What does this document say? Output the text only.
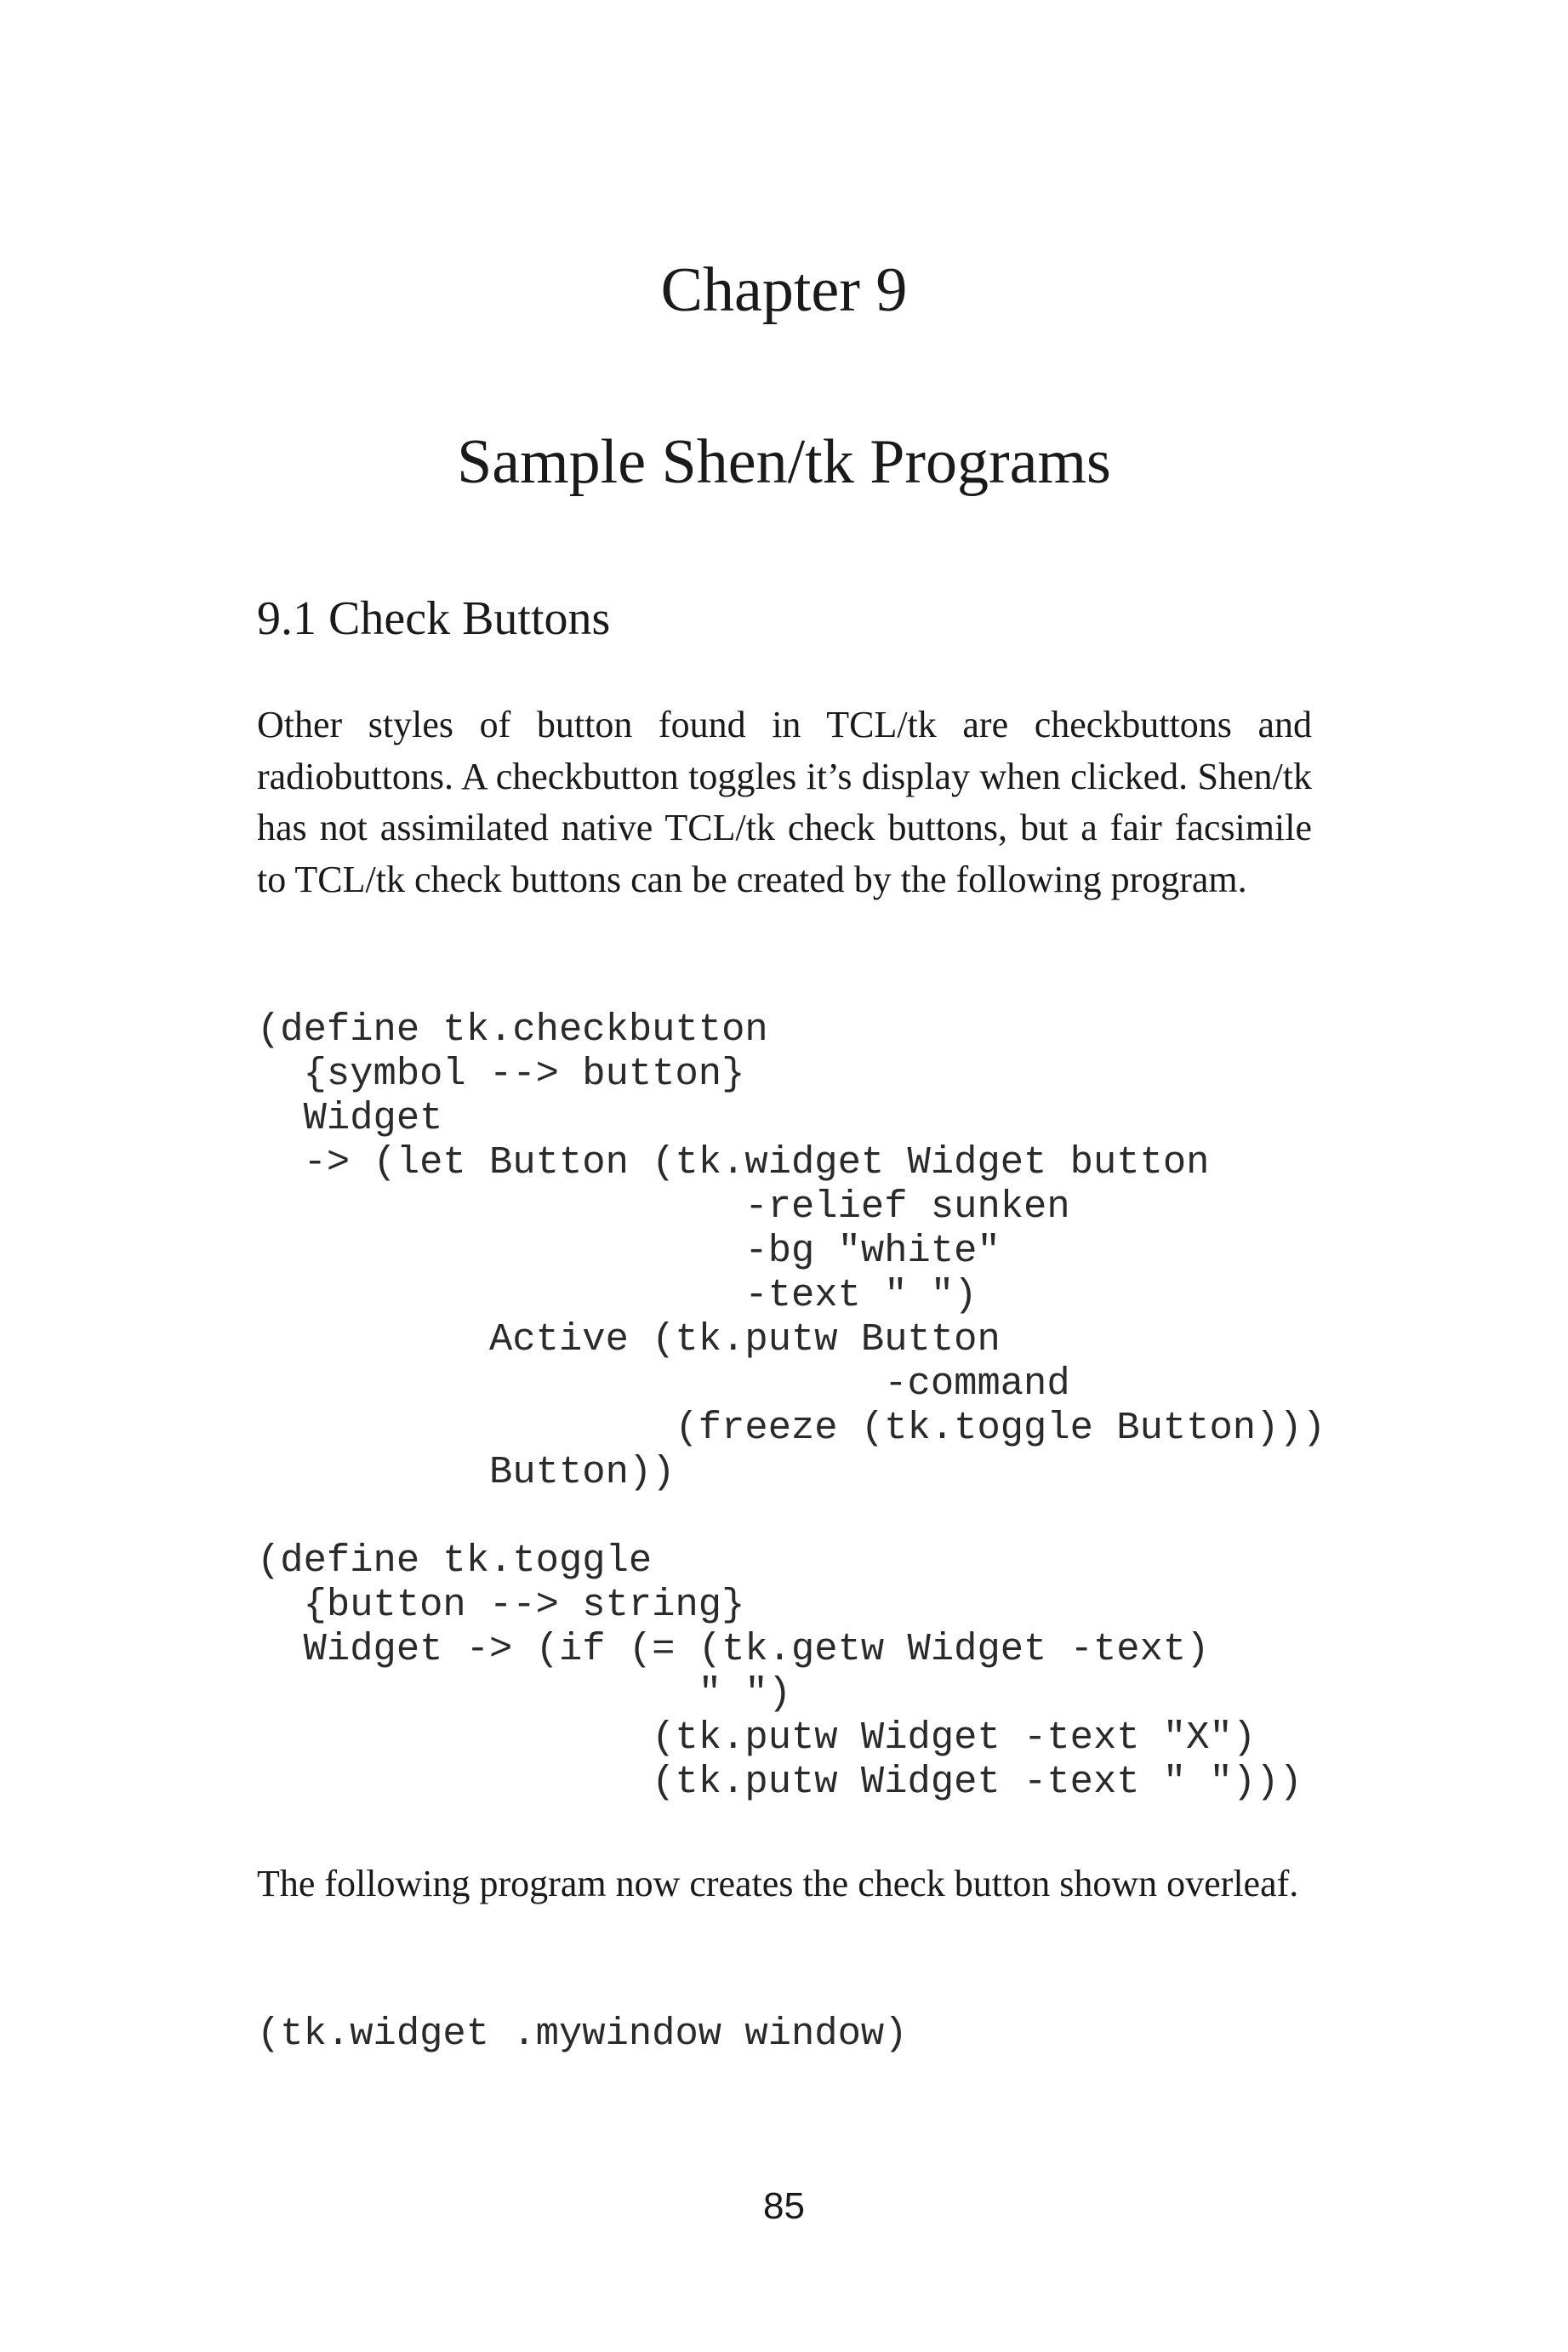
Chapter 9
Sample Shen/tk Programs
9.1 Check Buttons

Other styles of button found in TCL/tk are checkbuttons and radiobuttons. A checkbutton toggles it’s display when clicked. Shen/tk has not assimilated native TCL/tk check buttons, but a fair facsimile to TCL/tk check buttons can be created by the following program.

(define tk.checkbutton
{symbol --> button}
Widget
-> (let Button (tk.widget Widget button
-relief sunken
-bg "white"
-text " ")
Active (tk.putw Button
-command
(freeze (tk.toggle Button)))
Button))
(define tk.toggle
{button --> string}
Widget -> (if (= (tk.getw Widget -text)
" ")
(tk.putw Widget -text "X")
(tk.putw Widget -text " ")))

The following program now creates the check button shown overleaf.

(tk.widget .mywindow window)
85
